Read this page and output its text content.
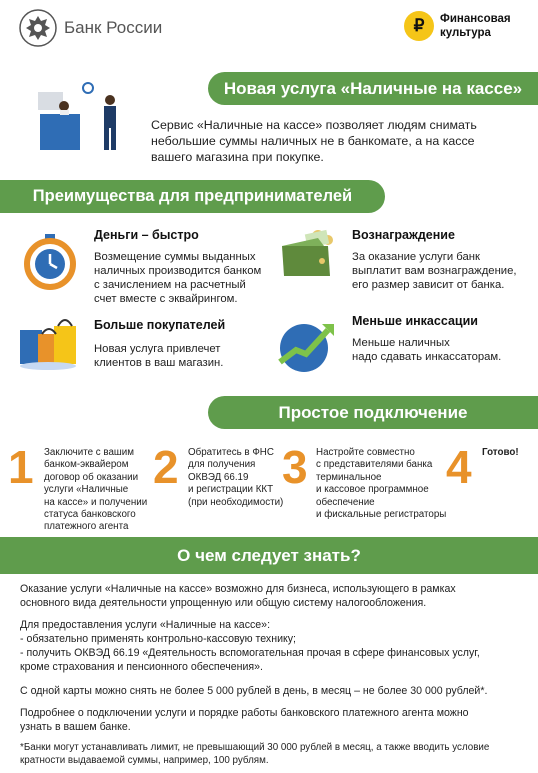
Банк России	₽ Финансовая
культура
Новая услуга «Наличные на кассе»
Сервис «Наличные на кассе» позволяет людям снимать
небольшие суммы наличных не в банкомате, а на кассе
вашего магазина при покупке.
Преимущества для предпринимателей
Деньги – быстро
Возмещение суммы выданных
наличных производится банком
с зачислением на расчетный
счет вместе с эквайрингом.
Вознаграждение
За оказание услуги банк
выплатит вам вознаграждение,
его размер зависит от банка.
Больше покупателей
Новая услуга привлечет
клиентов в ваш магазин.
Меньше инкассации
Меньше наличных
надо сдавать инкассаторам.
Простое подключение
1 Заключите с вашим
банком-эквайером
договор об оказании
услуги «Наличные
на кассе» и получении
статуса банковского
платежного агента
2 Обратитесь в ФНС
для получения
ОКВЭД 66.19
и регистрации ККТ
(при необходимости)
3 Настройте совместно
с представителями банка
терминальное
и кассовое программное
обеспечение
и фискальные регистраторы
4 Готово!
О чем следует знать?
Оказание услуги «Наличные на кассе» возможно для бизнеса, использующего в рамках
основного вида деятельности упрощенную или общую систему налогообложения.
Для предоставления услуги «Наличные на кассе»:
- обязательно применять контрольно-кассовую технику;
- получить ОКВЭД 66.19 «Деятельность вспомогательная прочая в сфере финансовых услуг,
кроме страхования и пенсионного обеспечения».
С одной карты можно снять не более 5 000 рублей в день, в месяц – не более 30 000 рублей*.
Подробнее о подключении услуги и порядке работы банковского платежного агента можно
узнать в вашем банке.
*Банки могут устанавливать лимит, не превышающий 30 000 рублей в месяц, а также вводить условие
кратности выдаваемой суммы, например, 100 рублям.
